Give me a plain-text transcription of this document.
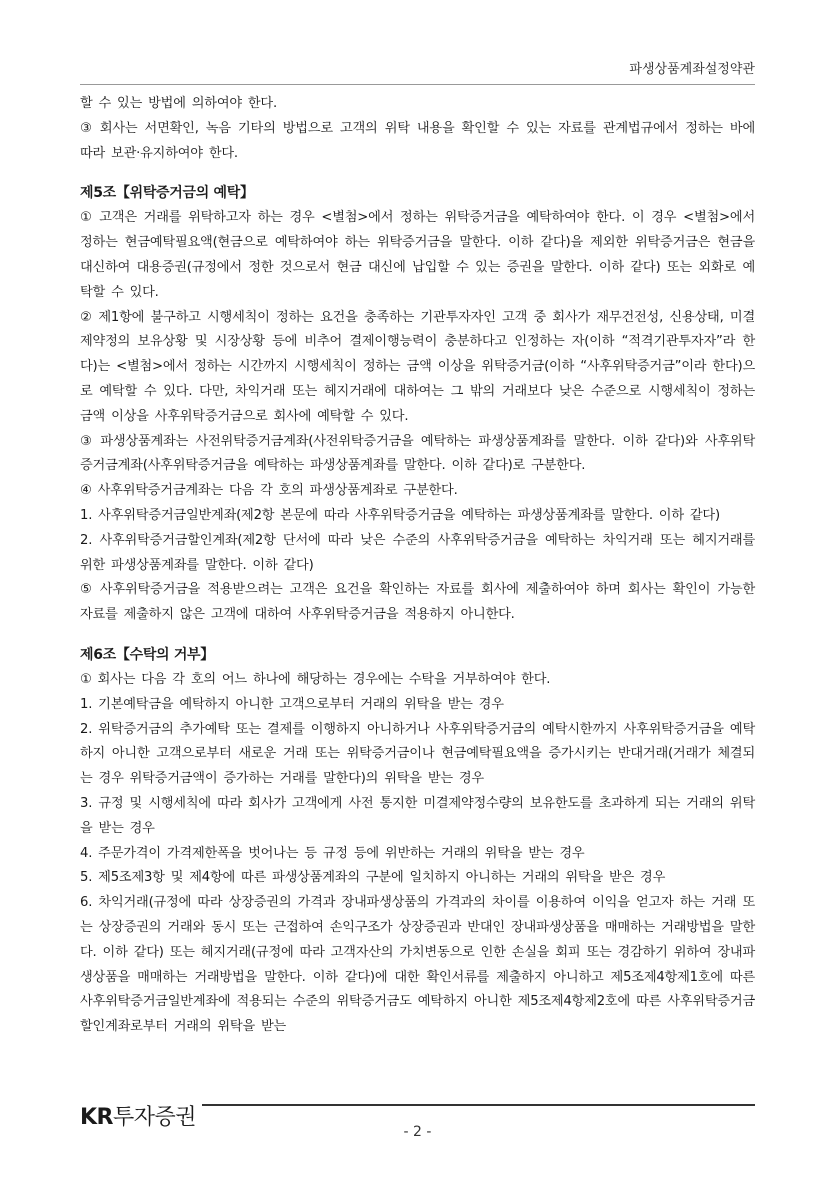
파생상품계좌설정약관

할 수 있는 방법에 의하여야 한다.

③ 회사는 서면확인, 녹음 기타의 방법으로 고객의 위탁 내용을 확인할 수 있는 자료를 관계법규에서 정하는 바에 따라 보관·유지하여야 한다.

제5조【위탁증거금의 예탁】

① 고객은 거래를 위탁하고자 하는 경우 <별첨>에서 정하는 위탁증거금을 예탁하여야 한다. 이 경우 <별첨>에서 정하는 현금예탁필요액(현금으로 예탁하여야 하는 위탁증거금을 말한다. 이하 같다)을 제외한 위탁증거금은 현금을 대신하여 대용증권(규정에서 정한 것으로서 현금 대신에 납입할 수 있는 증권을 말한다. 이하 같다) 또는 외화로 예탁할 수 있다.

② 제1항에 불구하고 시행세칙이 정하는 요건을 충족하는 기관투자자인 고객 중 회사가 재무건전성, 신용상태, 미결제약정의 보유상황 및 시장상황 등에 비추어 결제이행능력이 충분하다고 인정하는 자(이하 “적격기관투자자”라 한다)는 <별첨>에서 정하는 시간까지 시행세칙이 정하는 금액 이상을 위탁증거금(이하 “사후위탁증거금”이라 한다)으로 예탁할 수 있다. 다만, 차익거래 또는 헤지거래에 대하여는 그 밖의 거래보다 낮은 수준으로 시행세칙이 정하는 금액 이상을 사후위탁증거금으로 회사에 예탁할 수 있다.

③ 파생상품계좌는 사전위탁증거금계좌(사전위탁증거금을 예탁하는 파생상품계좌를 말한다. 이하 같다)와 사후위탁증거금계좌(사후위탁증거금을 예탁하는 파생상품계좌를 말한다. 이하 같다)로 구분한다.

④ 사후위탁증거금계좌는 다음 각 호의 파생상품계좌로 구분한다.

1. 사후위탁증거금일반계좌(제2항 본문에 따라 사후위탁증거금을 예탁하는 파생상품계좌를 말한다. 이하 같다)

2. 사후위탁증거금할인계좌(제2항 단서에 따라 낮은 수준의 사후위탁증거금을 예탁하는 차익거래 또는 헤지거래를 위한 파생상품계좌를 말한다. 이하 같다)

⑤ 사후위탁증거금을 적용받으려는 고객은 요건을 확인하는 자료를 회사에 제출하여야 하며 회사는 확인이 가능한 자료를 제출하지 않은 고객에 대하여 사후위탁증거금을 적용하지 아니한다.

제6조【수탁의 거부】

① 회사는 다음 각 호의 어느 하나에 해당하는 경우에는 수탁을 거부하여야 한다.

1. 기본예탁금을 예탁하지 아니한 고객으로부터 거래의 위탁을 받는 경우

2. 위탁증거금의 추가예탁 또는 결제를 이행하지 아니하거나 사후위탁증거금의 예탁시한까지 사후위탁증거금을 예탁하지 아니한 고객으로부터 새로운 거래 또는 위탁증거금이나 현금예탁필요액을 증가시키는 반대거래(거래가 체결되는 경우 위탁증거금액이 증가하는 거래를 말한다)의 위탁을 받는 경우

3. 규정 및 시행세칙에 따라 회사가 고객에게 사전 통지한 미결제약정수량의 보유한도를 초과하게 되는 거래의 위탁을 받는 경우

4. 주문가격이 가격제한폭을 벗어나는 등 규정 등에 위반하는 거래의 위탁을 받는 경우

5. 제5조제3항 및 제4항에 따른 파생상품계좌의 구분에 일치하지 아니하는 거래의 위탁을 받은 경우

6. 차익거래(규정에 따라 상장증권의 가격과 장내파생상품의 가격과의 차이를 이용하여 이익을 얻고자 하는 거래 또는 상장증권의 거래와 동시 또는 근접하여 손익구조가 상장증권과 반대인 장내파생상품을 매매하는 거래방법을 말한다. 이하 같다) 또는 헤지거래(규정에 따라 고객자산의 가치변동으로 인한 손실을 회피 또는 경감하기 위하여 장내파생상품을 매매하는 거래방법을 말한다. 이하 같다)에 대한 확인서류를 제출하지 아니하고 제5조제4항제1호에 따른 사후위탁증거금일반계좌에 적용되는 수준의 위탁증거금도 예탁하지 아니한 제5조제4항제2호에 따른 사후위탁증거금할인계좌로부터 거래의 위탁을 받는

KR투자증권
- 2 -
